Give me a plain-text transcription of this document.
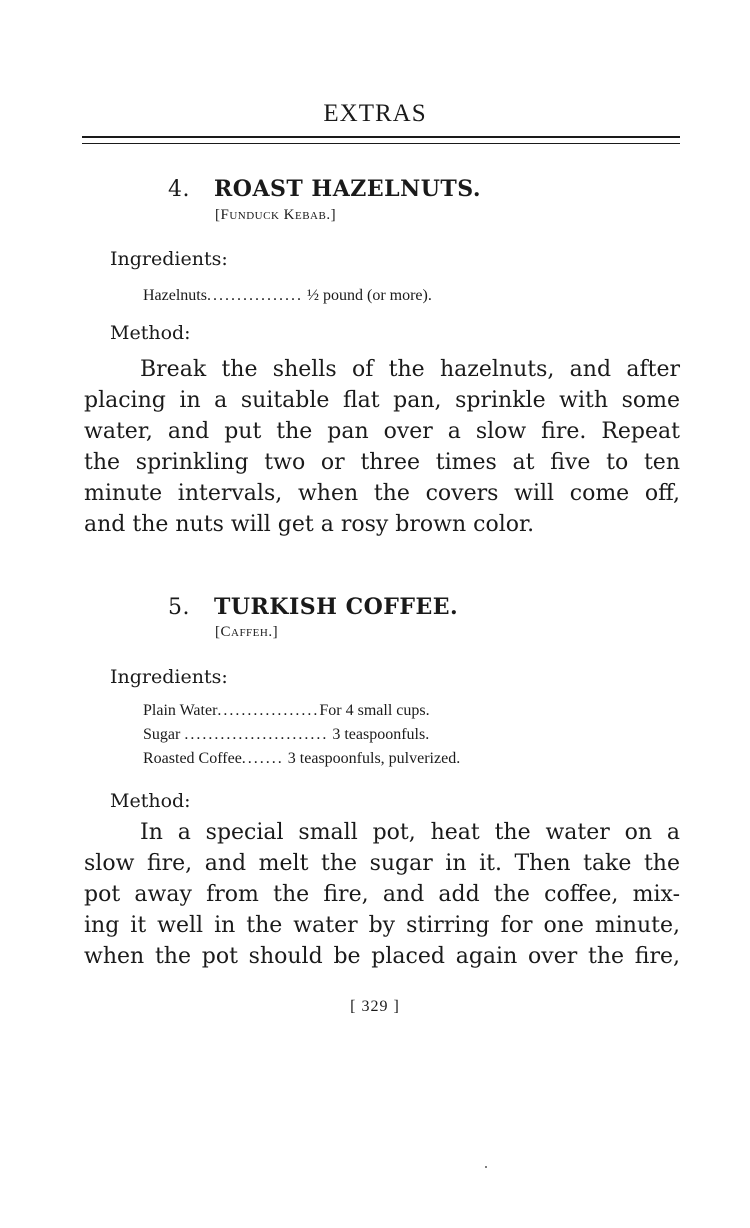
EXTRAS
4. ROAST HAZELNUTS.
[Funduck Kebab.]
Ingredients:
Hazelnuts................ ½ pound (or more).
Method:
Break the shells of the hazelnuts, and after
placing in a suitable flat pan, sprinkle with some
water, and put the pan over a slow fire. Repeat
the sprinkling two or three times at five to ten
minute intervals, when the covers will come off,
and the nuts will get a rosy brown color.
5. TURKISH COFFEE.
[Caffeh.]
Ingredients:
Plain Water.................For 4 small cups.
Sugar ........................ 3 teaspoonfuls.
Roasted Coffee....... 3 teaspoonfuls, pulverized.
Method:
In a special small pot, heat the water on a
slow fire, and melt the sugar in it. Then take the
pot away from the fire, and add the coffee, mix-
ing it well in the water by stirring for one minute,
when the pot should be placed again over the fire,
[ 329 ]
